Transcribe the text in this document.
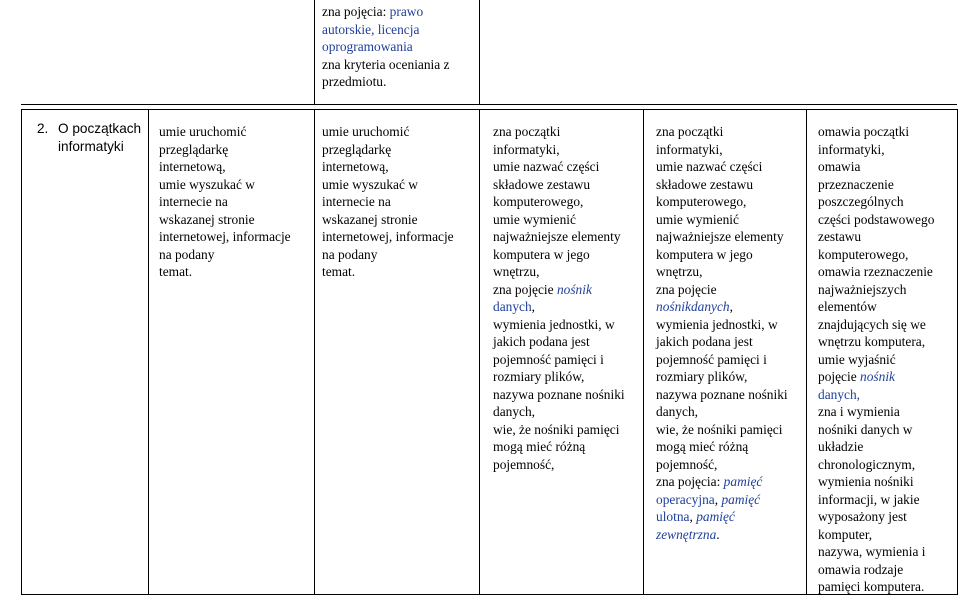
zna pojęcia: prawo
autorskie, licencja
oprogramowania
zna kryteria oceniania z
przedmiotu.
2. O początkach
informatyki
umie uruchomić
przeglądarkę
internetową,
umie wyszukać w
internecie na
wskazanej stronie
internetowej, informacje
na podany
temat.
umie uruchomić
przeglądarkę
internetową,
umie wyszukać w
internecie na
wskazanej stronie
internetowej, informacje
na podany
temat.
zna początki
informatyki,
umie nazwać części
składowe zestawu
komputerowego,
umie wymienić
najważniejsze elementy
komputera w jego
wnętrzu,
zna pojęcie nośnik
danych,
wymienia jednostki, w
jakich podana jest
pojemność pamięci i
rozmiary plików,
nazywa poznane nośniki
danych,
wie, że nośniki pamięci
mogą mieć różną
pojemność,
zna początki
informatyki,
umie nazwać części
składowe zestawu
komputerowego,
umie wymienić
najważniejsze elementy
komputera w jego
wnętrzu,
zna pojęcie
nośnikdanych,
wymienia jednostki, w
jakich podana jest
pojemność pamięci i
rozmiary plików,
nazywa poznane nośniki
danych,
wie, że nośniki pamięci
mogą mieć różną
pojemność,
zna pojęcia: pamięć
operacyjna, pamięć
ulotna, pamięć
zewnętrzna.
omawia początki
informatyki,
omawia
przeznaczenie
poszczególnych
części podstawowego
zestawu
komputerowego,
omawia rzeznaczenie
najważniejszych
elementów
znajdujących się we
wnętrzu komputera,
umie wyjaśnić
pojęcie nośnik
danych,
zna i wymienia
nośniki danych w
układzie
chronologicznym,
wymienia nośniki
informacji, w jakie
wyposażony jest
komputer,
nazywa, wymienia i
omawia rodzaje
pamięci komputera.
